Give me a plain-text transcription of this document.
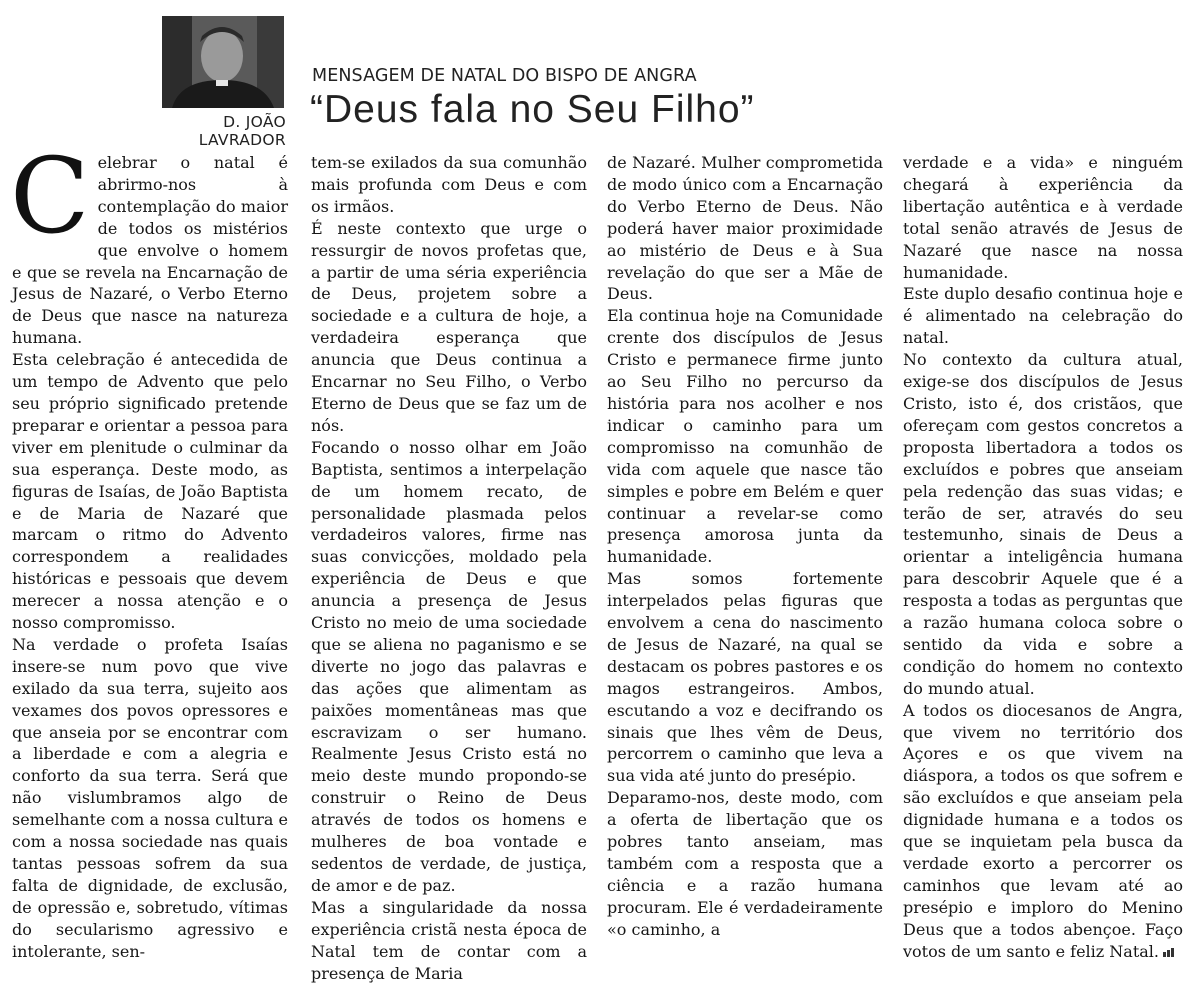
D. JOÃO LAVRADOR
MENSAGEM DE NATAL DO BISPO DE ANGRA
“Deus fala no Seu Filho”

Celebrar o natal é abrirmo-nos à contemplação do maior de todos os mistérios que envolve o homem e que se revela na Encarnação de Jesus de Nazaré, o Verbo Eterno de Deus que nasce na natureza humana.

Esta celebração é antecedida de um tempo de Advento que pelo seu próprio significado pretende preparar e orientar a pessoa para viver em plenitude o culminar da sua esperança. Deste modo, as figuras de Isaías, de João Baptista e de Maria de Nazaré que marcam o ritmo do Advento correspondem a realidades históricas e pessoais que devem merecer a nossa atenção e o nosso compromisso.

Na verdade o profeta Isaías insere-se num povo que vive exilado da sua terra, sujeito aos vexames dos povos opressores e que anseia por se encontrar com a liberdade e com a alegria e conforto da sua terra. Será que não vislumbramos algo de semelhante com a nossa cultura e com a nossa sociedade nas quais tantas pessoas sofrem da sua falta de dignidade, de exclusão, de opressão e, sobretudo, vítimas do secularismo agressivo e intolerante, sen-

tem-se exilados da sua comunhão mais profunda com Deus e com os irmãos.

É neste contexto que urge o ressurgir de novos profetas que, a partir de uma séria experiência de Deus, projetem sobre a sociedade e a cultura de hoje, a verdadeira esperança que anuncia que Deus continua a Encarnar no Seu Filho, o Verbo Eterno de Deus que se faz um de nós.

Focando o nosso olhar em João Baptista, sentimos a interpelação de um homem recato, de personalidade plasmada pelos verdadeiros valores, firme nas suas convicções, moldado pela experiência de Deus e que anuncia a presença de Jesus Cristo no meio de uma sociedade que se aliena no paganismo e se diverte no jogo das palavras e das ações que alimentam as paixões momentâneas mas que escravizam o ser humano. Realmente Jesus Cristo está no meio deste mundo propondo-se construir o Reino de Deus através de todos os homens e mulheres de boa vontade e sedentos de verdade, de justiça, de amor e de paz.

Mas a singularidade da nossa experiência cristã nesta época de Natal tem de contar com a presença de Maria

de Nazaré. Mulher comprometida de modo único com a Encarnação do Verbo Eterno de Deus. Não poderá haver maior proximidade ao mistério de Deus e à Sua revelação do que ser a Mãe de Deus.

Ela continua hoje na Comunidade crente dos discípulos de Jesus Cristo e permanece firme junto ao Seu Filho no percurso da história para nos acolher e nos indicar o caminho para um compromisso na comunhão de vida com aquele que nasce tão simples e pobre em Belém e quer continuar a revelar-se como presença amorosa junta da humanidade.

Mas somos fortemente interpelados pelas figuras que envolvem a cena do nascimento de Jesus de Nazaré, na qual se destacam os pobres pastores e os magos estrangeiros. Ambos, escutando a voz e decifrando os sinais que lhes vêm de Deus, percorrem o caminho que leva a sua vida até junto do presépio.

Deparamo-nos, deste modo, com a oferta de libertação que os pobres tanto anseiam, mas também com a resposta que a ciência e a razão humana procuram. Ele é verdadeiramente «o caminho, a

verdade e a vida» e ninguém chegará à experiência da libertação autêntica e à verdade total senão através de Jesus de Nazaré que nasce na nossa humanidade.

Este duplo desafio continua hoje e é alimentado na celebração do natal.

No contexto da cultura atual, exige-se dos discípulos de Jesus Cristo, isto é, dos cristãos, que ofereçam com gestos concretos a proposta libertadora a todos os excluídos e pobres que anseiam pela redenção das suas vidas; e terão de ser, através do seu testemunho, sinais de Deus a orientar a inteligência humana para descobrir Aquele que é a resposta a todas as perguntas que a razão humana coloca sobre o sentido da vida e sobre a condição do homem no contexto do mundo atual.

A todos os diocesanos de Angra, que vivem no território dos Açores e os que vivem na diáspora, a todos os que sofrem e são excluídos e que anseiam pela dignidade humana e a todos os que se inquietam pela busca da verdade exorto a percorrer os caminhos que levam até ao presépio e imploro do Menino Deus que a todos abençoe. Faço votos de um santo e feliz Natal.
